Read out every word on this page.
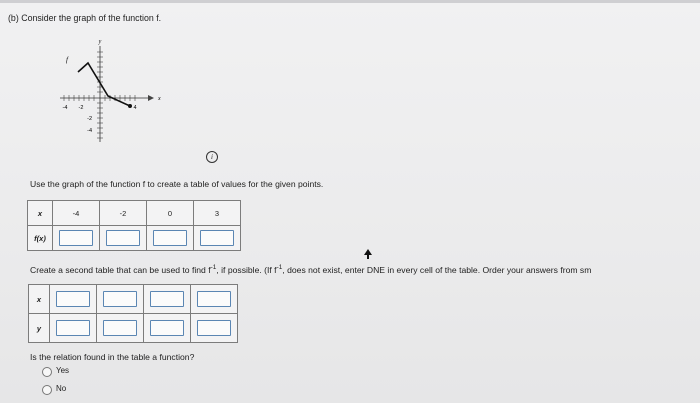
(b) Consider the graph of the function f.
y
x
f
-4 -2	4
-2
-4
i
Use the graph of the function f to create a table of values for the given points.
x	-4	-2	0	3
f(x)				
Create a second table that can be used to find $f^{-1}$, if possible. (If $f^{-1}$, does not exist, enter DNE in every cell of the table. Order your answers from sm
x				
y				
Is the relation found in the table a function?
Yes
No
